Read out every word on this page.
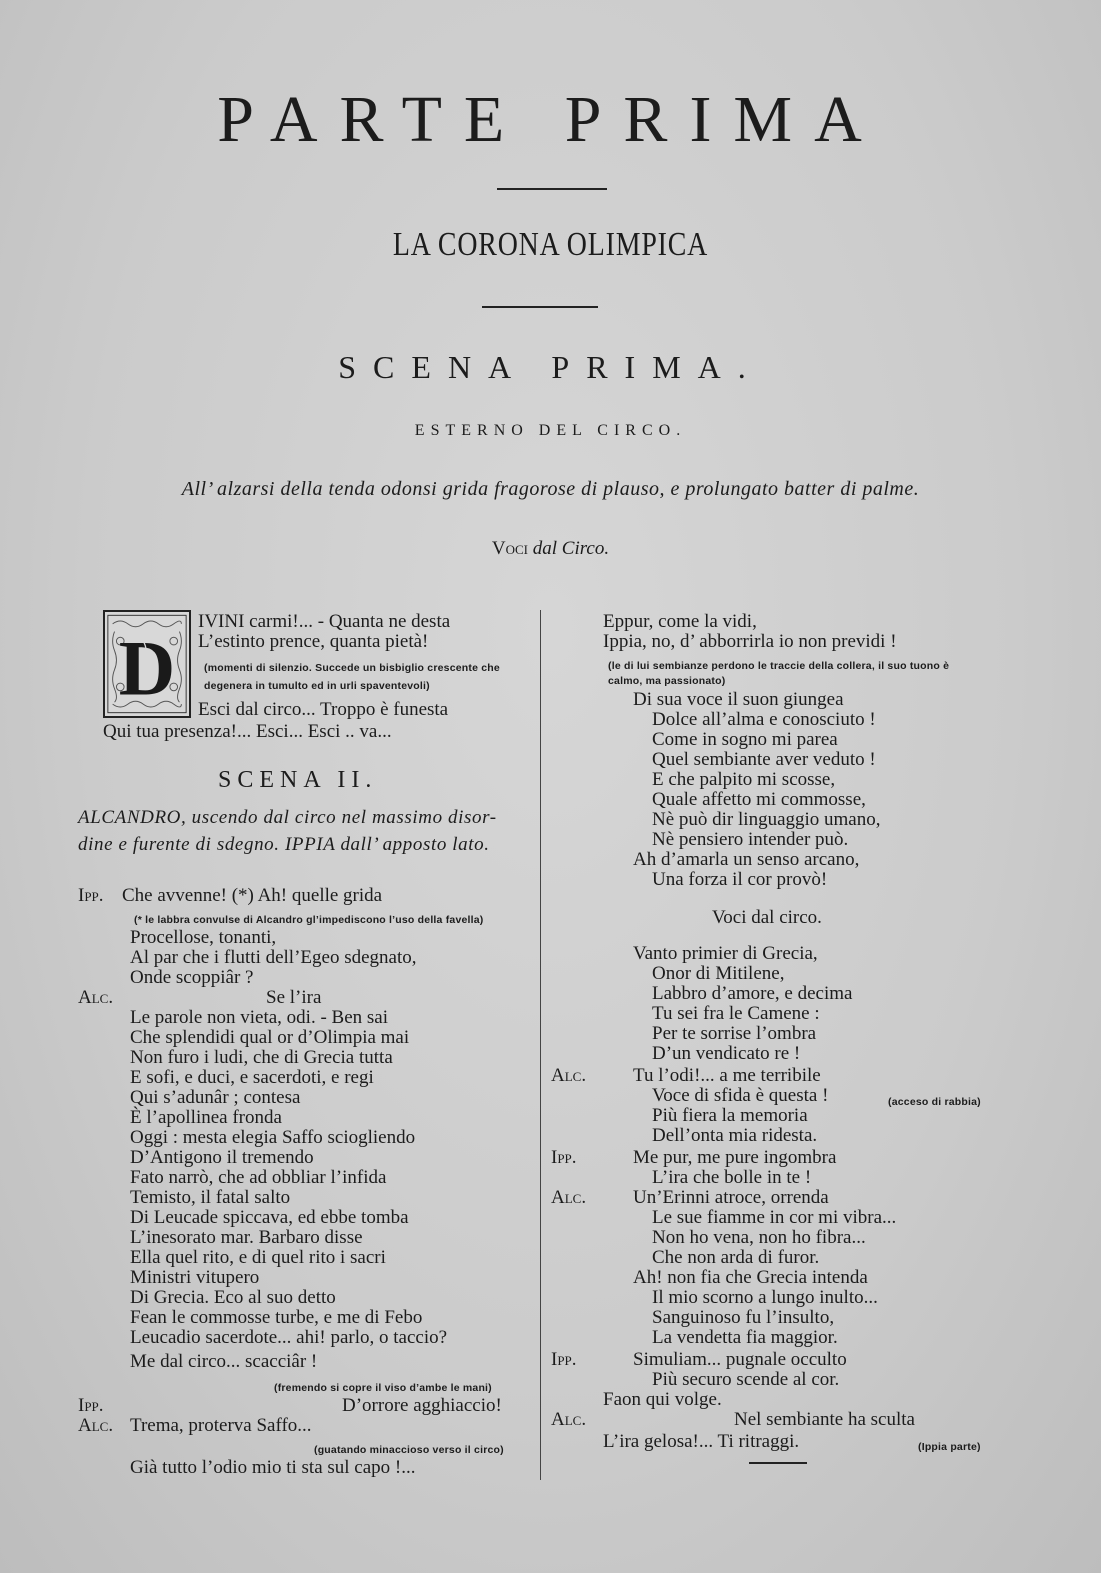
PARTE PRIMA
LA CORONA OLIMPICA
SCENA PRIMA.
ESTERNO DEL CIRCO.
All’ alzarsi della tenda odonsi grida fragorose di plauso, e prolungato batter di palme.
Voci dal Circo.
D
IVINI carmi!... - Quanta ne desta
L’estinto prence, quanta pietà!
(momenti di silenzio. Succede un bisbiglio crescente che
degenera in tumulto ed in urli spaventevoli)
Esci dal circo... Troppo è funesta
Qui tua presenza!... Esci... Esci .. va...
SCENA II.
ALCANDRO, uscendo dal circo nel massimo disor-
dine e furente di sdegno. IPPIA dall’ apposto lato.
Ipp. Che avvenne! (*) Ah! quelle grida
(* le labbra convulse di Alcandro gl’impediscono l’uso della favella)
Procellose, tonanti,
Al par che i flutti dell’Egeo sdegnato,
Onde scoppiâr ?
Alc.	Se l’ira
Le parole non vieta, odi. - Ben sai
Che splendidi qual or d’Olimpia mai
Non furo i ludi, che di Grecia tutta
E sofi, e duci, e sacerdoti, e regi
Qui s’adunâr ; contesa
È l’apollinea fronda
Oggi : mesta elegia Saffo sciogliendo
D’Antigono il tremendo
Fato narrò, che ad obbliar l’infida
Temisto, il fatal salto
Di Leucade spiccava, ed ebbe tomba
L’inesorato mar. Barbaro disse
Ella quel rito, e di quel rito i sacri
Ministri vitupero
Di Grecia. Eco al suo detto
Fean le commosse turbe, e me di Febo
Leucadio sacerdote... ahi! parlo, o taccio?
Me dal circo... scacciâr !
(fremendo si copre il viso d’ambe le mani)
Ipp.	D’orrore agghiaccio!
Alc. Trema, proterva Saffo...
(guatando minaccioso verso il circo)
Già tutto l’odio mio ti sta sul capo !...
Eppur, come la vidi,
Ippia, no, d’ abborrirla io non previdi !
(le di lui sembianze perdono le traccie della collera, il suo tuono è
calmo, ma passionato)
Di sua voce il suon giungea
Dolce all’alma e conosciuto !
Come in sogno mi parea
Quel sembiante aver veduto !
E che palpito mi scosse,
Quale affetto mi commosse,
Nè può dir linguaggio umano,
Nè pensiero intender può.
Ah d’amarla un senso arcano,
Una forza il cor provò!
Voci dal circo.
Vanto primier di Grecia,
Onor di Mitilene,
Labbro d’amore, e decima
Tu sei fra le Camene :
Per te sorrise l’ombra
D’un vendicato re !
Alc. Tu l’odi!... a me terribile
Voce di sfida è questa !	(acceso di rabbia)
Più fiera la memoria
Dell’onta mia ridesta.
Ipp.	Me pur, me pure ingombra
L’ira che bolle in te !
Alc. Un’Erinni atroce, orrenda
Le sue fiamme in cor mi vibra...
Non ho vena, non ho fibra...
Che non arda di furor.
Ah! non fia che Grecia intenda
Il mio scorno a lungo inulto...
Sanguinoso fu l’insulto,
La vendetta fia maggior.
Ipp.	Simuliam... pugnale occulto
Più securo scende al cor.
Faon qui volge.
Alc.	Nel sembiante ha sculta
L’ira gelosa!... Ti ritraggi.	(Ippia parte)
